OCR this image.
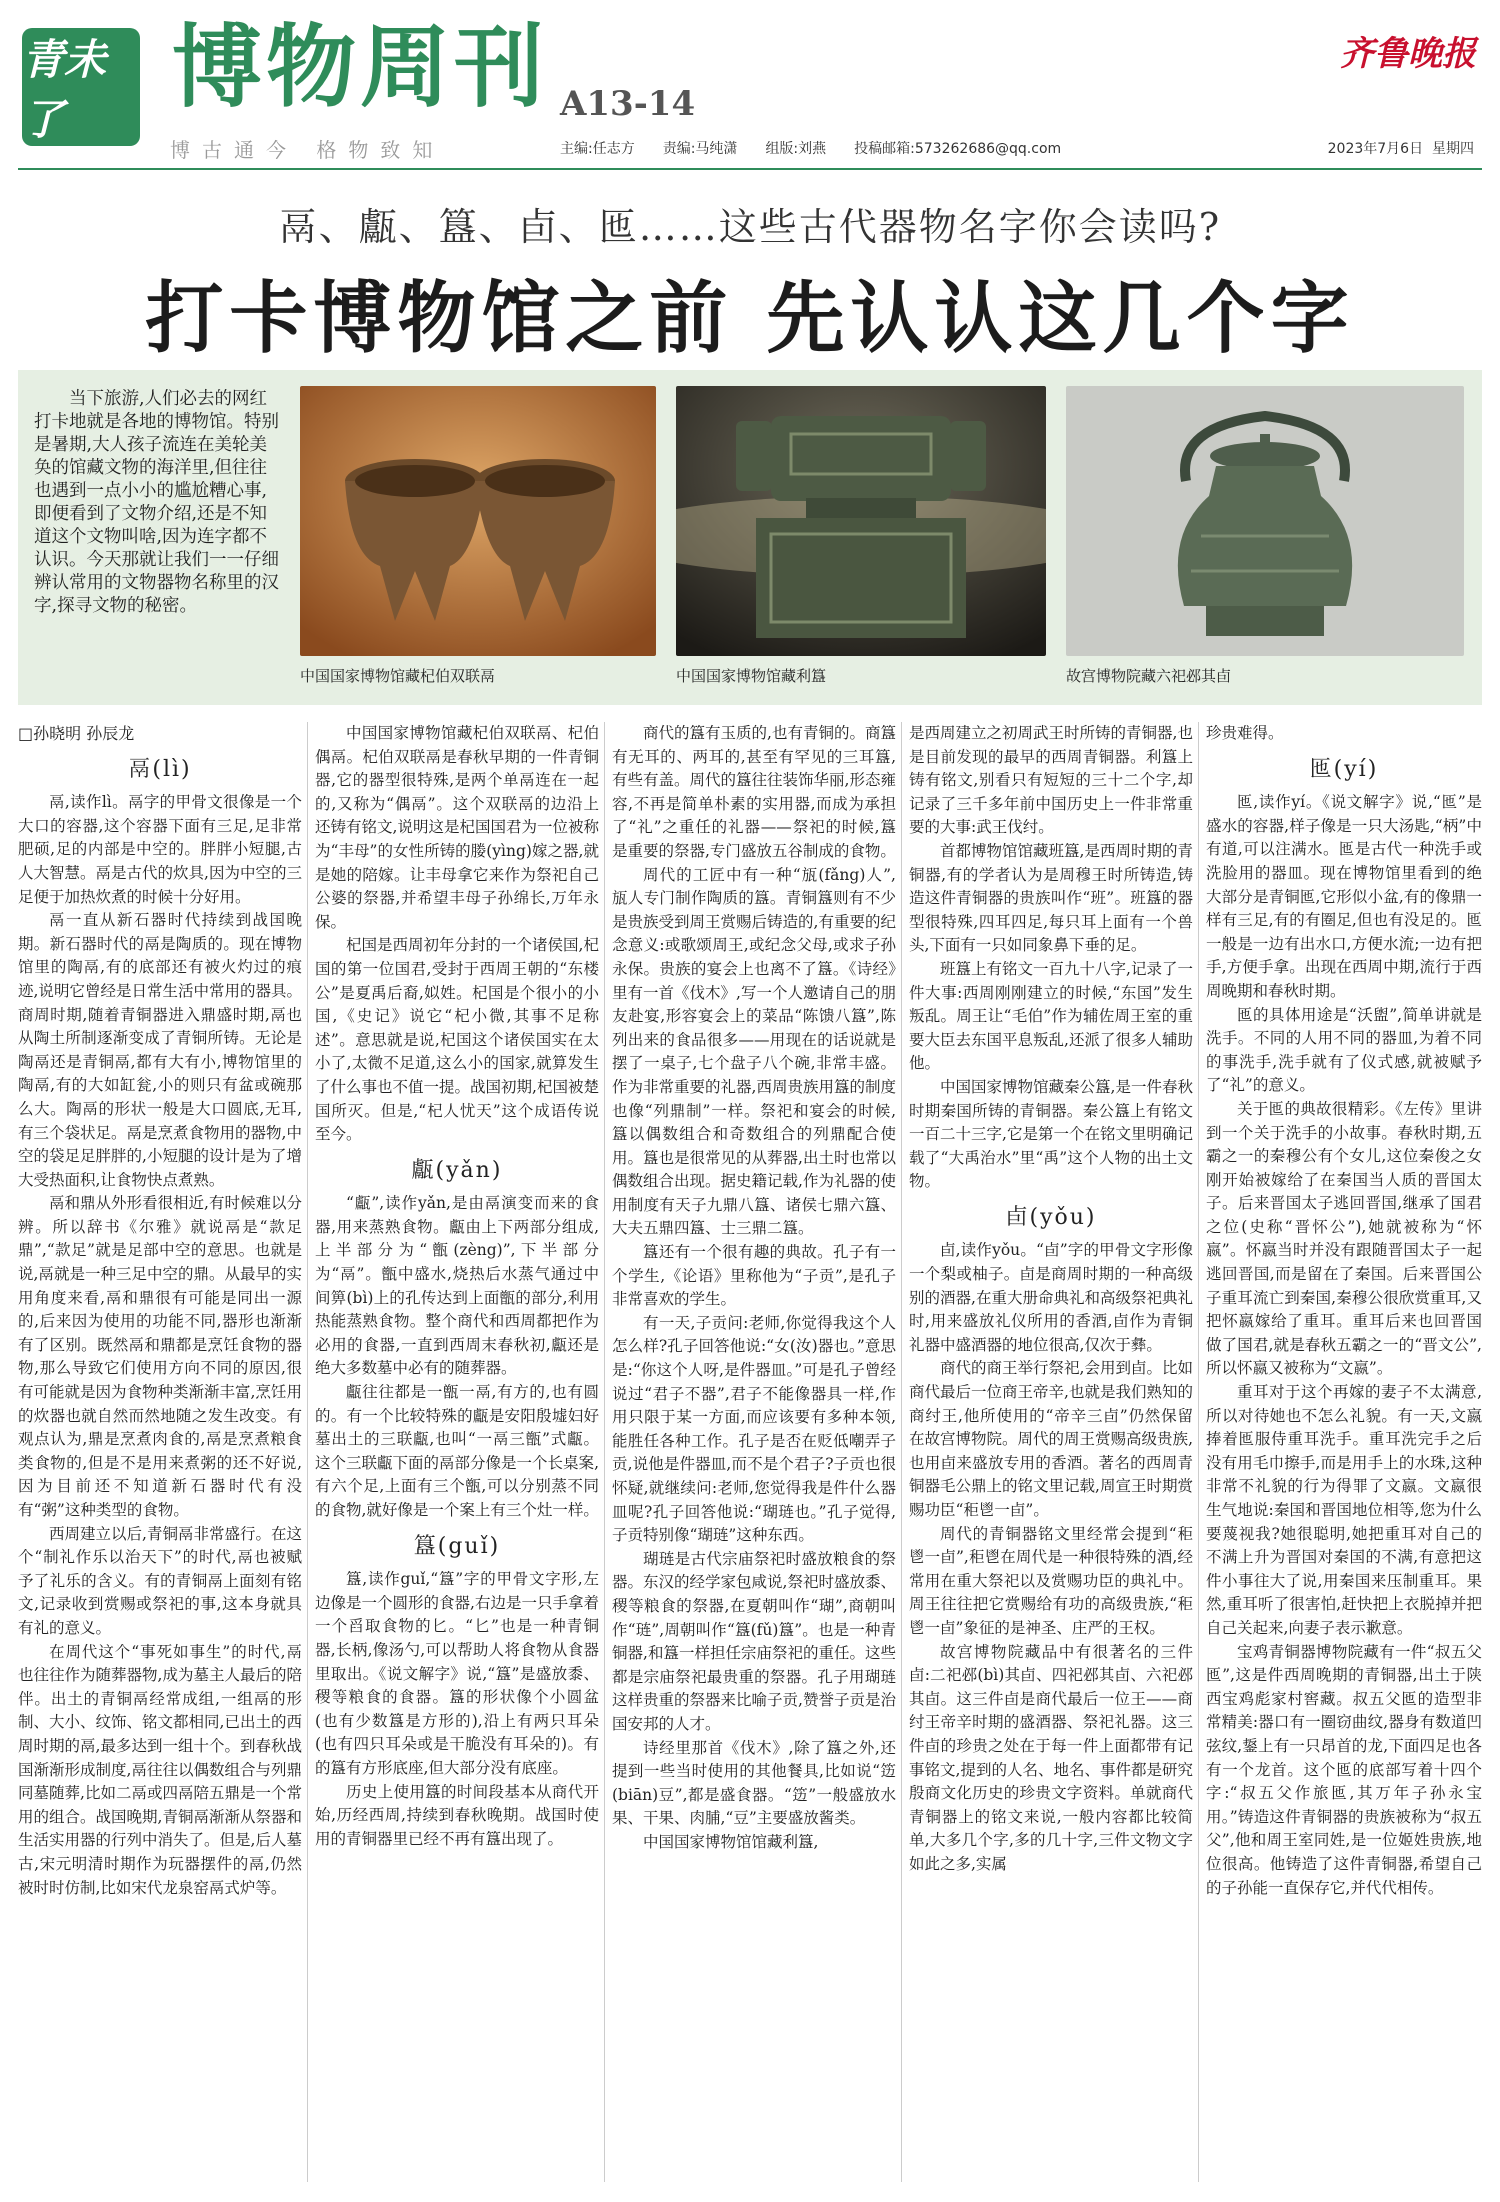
青未了	博物周刊 A13-14
齐鲁晚报
博古通今 格物致知	主编:任志方 责编:马纯潇 组版:刘燕 投稿邮箱:573262686@qq.com	2023年7月6日 星期四
鬲、甗、簋、卣、匜……这些古代器物名字你会读吗?
打卡博物馆之前 先认认这几个字
当下旅游,人们必去的网红打卡地就是各地的博物馆。特别是暑期,大人孩子流连在美轮美奂的馆藏文物的海洋里,但往往也遇到一点小小的尴尬糟心事,即便看到了文物介绍,还是不知道这个文物叫啥,因为连字都不认识。今天那就让我们一一仔细辨认常用的文物器物名称里的汉字,探寻文物的秘密。
中国国家博物馆藏杞伯双联鬲	中国国家博物馆藏利簋	故宫博物院藏六祀邲其卣
□孙晓明 孙辰龙
鬲(lì)

鬲,读作lì。鬲字的甲骨文很像是一个大口的容器,这个容器下面有三足,足非常肥硕,足的内部是中空的。胖胖小短腿,古人大智慧。鬲是古代的炊具,因为中空的三足便于加热炊煮的时候十分好用。

鬲一直从新石器时代持续到战国晚期。新石器时代的鬲是陶质的。现在博物馆里的陶鬲,有的底部还有被火灼过的痕迹,说明它曾经是日常生活中常用的器具。商周时期,随着青铜器进入鼎盛时期,鬲也从陶土所制逐渐变成了青铜所铸。无论是陶鬲还是青铜鬲,都有大有小,博物馆里的陶鬲,有的大如缸瓮,小的则只有盆或碗那么大。陶鬲的形状一般是大口圆底,无耳,有三个袋状足。鬲是烹煮食物用的器物,中空的袋足足胖胖的,小短腿的设计是为了增大受热面积,让食物快点煮熟。

鬲和鼎从外形看很相近,有时候难以分辨。所以辞书《尔雅》就说鬲是“款足鼎”,“款足”就是足部中空的意思。也就是说,鬲就是一种三足中空的鼎。从最早的实用角度来看,鬲和鼎很有可能是同出一源的,后来因为使用的功能不同,器形也渐渐有了区别。既然鬲和鼎都是烹饪食物的器物,那么导致它们使用方向不同的原因,很有可能就是因为食物种类渐渐丰富,烹饪用的炊器也就自然而然地随之发生改变。有观点认为,鼎是烹煮肉食的,鬲是烹煮粮食类食物的,但是不是用来煮粥的还不好说,因为目前还不知道新石器时代有没有“粥”这种类型的食物。

西周建立以后,青铜鬲非常盛行。在这个“制礼作乐以治天下”的时代,鬲也被赋予了礼乐的含义。有的青铜鬲上面刻有铭文,记录收到赏赐或祭祀的事,这本身就具有礼的意义。

在周代这个“事死如事生”的时代,鬲也往往作为随葬器物,成为墓主人最后的陪伴。出土的青铜鬲经常成组,一组鬲的形制、大小、纹饰、铭文都相同,已出土的西周时期的鬲,最多达到一组十个。到春秋战国渐渐形成制度,鬲往往以偶数组合与列鼎同墓随葬,比如二鬲或四鬲陪五鼎是一个常用的组合。战国晚期,青铜鬲渐渐从祭器和生活实用器的行列中消失了。但是,后人墓古,宋元明清时期作为玩器摆件的鬲,仍然被时时仿制,比如宋代龙泉窑鬲式炉等。

中国国家博物馆藏杞伯双联鬲、杞伯偶鬲。杞伯双联鬲是春秋早期的一件青铜器,它的器型很特殊,是两个单鬲连在一起的,又称为“偶鬲”。这个双联鬲的边沿上还铸有铭文,说明这是杞国国君为一位被称为“丰母”的女性所铸的媵(yìng)嫁之器,就是她的陪嫁。让丰母拿它来作为祭祀自己公婆的祭器,并希望丰母子孙绵长,万年永保。

杞国是西周初年分封的一个诸侯国,杞国的第一位国君,受封于西周王朝的“东楼公”是夏禹后裔,姒姓。杞国是个很小的小国,《史记》说它“杞小微,其事不足称述”。意思就是说,杞国这个诸侯国实在太小了,太微不足道,这么小的国家,就算发生了什么事也不值一提。战国初期,杞国被楚国所灭。但是,“杞人忧天”这个成语传说至今。

甗(yǎn)

“甗”,读作yǎn,是由鬲演变而来的食器,用来蒸熟食物。甗由上下两部分组成,上半部分为“甑(zèng)”,下半部分为“鬲”。甑中盛水,烧热后水蒸气通过中间箅(bì)上的孔传达到上面甑的部分,利用热能蒸熟食物。整个商代和西周都把作为必用的食器,一直到西周末春秋初,甗还是绝大多数墓中必有的随葬器。

甗往往都是一甑一鬲,有方的,也有圆的。有一个比较特殊的甗是安阳殷墟妇好墓出土的三联甗,也叫“一鬲三甑”式甗。这个三联甗下面的鬲部分像是一个长桌案,有六个足,上面有三个甑,可以分别蒸不同的食物,就好像是一个案上有三个灶一样。

簋(guǐ)

簋,读作guǐ,“簋”字的甲骨文字形,左边像是一个圆形的食器,右边是一只手拿着一个舀取食物的匕。“匕”也是一种青铜器,长柄,像汤勺,可以帮助人将食物从食器里取出。《说文解字》说,“簋”是盛放黍、稷等粮食的食器。簋的形状像个小圆盆(也有少数簋是方形的),沿上有两只耳朵(也有四只耳朵或是干脆没有耳朵的)。有的簋有方形底座,但大部分没有底座。

历史上使用簋的时间段基本从商代开始,历经西周,持续到春秋晚期。战国时使用的青铜器里已经不再有簋出现了。

商代的簋有玉质的,也有青铜的。商簋有无耳的、两耳的,甚至有罕见的三耳簋,有些有盖。周代的簋往往装饰华丽,形态雍容,不再是简单朴素的实用器,而成为承担了“礼”之重任的礼器——祭祀的时候,簋是重要的祭器,专门盛放五谷制成的食物。

周代的工匠中有一种“瓬(fǎng)人”,瓬人专门制作陶质的簋。青铜簋则有不少是贵族受到周王赏赐后铸造的,有重要的纪念意义:或歌颂周王,或纪念父母,或求子孙永保。贵族的宴会上也离不了簋。《诗经》里有一首《伐木》,写一个人邀请自己的朋友赴宴,形容宴会上的菜品“陈馈八簋”,陈列出来的食品很多——用现在的话说就是摆了一桌子,七个盘子八个碗,非常丰盛。作为非常重要的礼器,西周贵族用簋的制度也像“列鼎制”一样。祭祀和宴会的时候,簋以偶数组合和奇数组合的列鼎配合使用。簋也是很常见的从葬器,出土时也常以偶数组合出现。据史籍记载,作为礼器的使用制度有天子九鼎八簋、诸侯七鼎六簋、大夫五鼎四簋、士三鼎二簋。

簋还有一个很有趣的典故。孔子有一个学生,《论语》里称他为“子贡”,是孔子非常喜欢的学生。

有一天,子贡问:老师,你觉得我这个人怎么样?孔子回答他说:“女(汝)器也。”意思是:“你这个人呀,是件器皿。”可是孔子曾经说过“君子不器”,君子不能像器具一样,作用只限于某一方面,而应该要有多种本领,能胜任各种工作。孔子是否在贬低嘲弄子贡,说他是件器皿,而不是个君子?子贡也很怀疑,就继续问:老师,您觉得我是件什么器皿呢?孔子回答他说:“瑚琏也。”孔子觉得,子贡特别像“瑚琏”这种东西。

瑚琏是古代宗庙祭祀时盛放粮食的祭器。东汉的经学家包咸说,祭祀时盛放黍、稷等粮食的祭器,在夏朝叫作“瑚”,商朝叫作“琏”,周朝叫作“簋(fǔ)簋”。也是一种青铜器,和簋一样担任宗庙祭祀的重任。这些都是宗庙祭祀最贵重的祭器。孔子用瑚琏这样贵重的祭器来比喻子贡,赞誉子贡是治国安邦的人才。

诗经里那首《伐木》,除了簋之外,还提到一些当时使用的其他餐具,比如说“笾(biān)豆”,都是盛食器。“笾”一般盛放水果、干果、肉脯,“豆”主要盛放酱类。

中国国家博物馆馆藏利簋,

是西周建立之初周武王时所铸的青铜器,也是目前发现的最早的西周青铜器。利簋上铸有铭文,别看只有短短的三十二个字,却记录了三千多年前中国历史上一件非常重要的大事:武王伐纣。

首都博物馆馆藏班簋,是西周时期的青铜器,有的学者认为是周穆王时所铸造,铸造这件青铜器的贵族叫作“班”。班簋的器型很特殊,四耳四足,每只耳上面有一个兽头,下面有一只如同象鼻下垂的足。

班簋上有铭文一百九十八字,记录了一件大事:西周刚刚建立的时候,“东国”发生叛乱。周王让“毛伯”作为辅佐周王室的重要大臣去东国平息叛乱,还派了很多人辅助他。

中国国家博物馆藏秦公簋,是一件春秋时期秦国所铸的青铜器。秦公簋上有铭文一百二十三字,它是第一个在铭文里明确记载了“大禹治水”里“禹”这个人物的出土文物。

卣(yǒu)

卣,读作yǒu。“卣”字的甲骨文字形像一个梨或柚子。卣是商周时期的一种高级别的酒器,在重大册命典礼和高级祭祀典礼时,用来盛放礼仪所用的香酒,卣作为青铜礼器中盛酒器的地位很高,仅次于彝。

商代的商王举行祭祀,会用到卣。比如商代最后一位商王帝辛,也就是我们熟知的商纣王,他所使用的“帝辛三卣”仍然保留在故宫博物院。周代的周王赏赐高级贵族,也用卣来盛放专用的香酒。著名的西周青铜器毛公鼎上的铭文里记载,周宣王时期赏赐功臣“秬鬯一卣”。

周代的青铜器铭文里经常会提到“秬鬯一卣”,秬鬯在周代是一种很特殊的酒,经常用在重大祭祀以及赏赐功臣的典礼中。周王往往把它赏赐给有功的高级贵族,“秬鬯一卣”象征的是神圣、庄严的王权。

故宫博物院藏品中有很著名的三件卣:二祀邲(bì)其卣、四祀邲其卣、六祀邲其卣。这三件卣是商代最后一位王——商纣王帝辛时期的盛酒器、祭祀礼器。这三件卣的珍贵之处在于每一件上面都带有记事铭文,提到的人名、地名、事件都是研究殷商文化历史的珍贵文字资料。单就商代青铜器上的铭文来说,一般内容都比较简单,大多几个字,多的几十字,三件文物文字如此之多,实属

珍贵难得。

匜(yí)

匜,读作yí。《说文解字》说,“匜”是盛水的容器,样子像是一只大汤匙,“柄”中有道,可以注满水。匜是古代一种洗手或洗脸用的器皿。现在博物馆里看到的绝大部分是青铜匜,它形似小盆,有的像鼎一样有三足,有的有圈足,但也有没足的。匜一般是一边有出水口,方便水流;一边有把手,方便手拿。出现在西周中期,流行于西周晚期和春秋时期。

匜的具体用途是“沃盥”,简单讲就是洗手。不同的人用不同的器皿,为着不同的事洗手,洗手就有了仪式感,就被赋予了“礼”的意义。

关于匜的典故很精彩。《左传》里讲到一个关于洗手的小故事。春秋时期,五霸之一的秦穆公有个女儿,这位秦俊之女刚开始被嫁给了在秦国当人质的晋国太子。后来晋国太子逃回晋国,继承了国君之位(史称“晋怀公”),她就被称为“怀嬴”。怀嬴当时并没有跟随晋国太子一起逃回晋国,而是留在了秦国。后来晋国公子重耳流亡到秦国,秦穆公很欣赏重耳,又把怀嬴嫁给了重耳。重耳后来也回晋国做了国君,就是春秋五霸之一的“晋文公”,所以怀嬴又被称为“文嬴”。

重耳对于这个再嫁的妻子不太满意,所以对待她也不怎么礼貌。有一天,文嬴捧着匜服侍重耳洗手。重耳洗完手之后没有用毛巾擦手,而是用手上的水珠,这种非常不礼貌的行为得罪了文嬴。文嬴很生气地说:秦国和晋国地位相等,您为什么要蔑视我?她很聪明,她把重耳对自己的不满上升为晋国对秦国的不满,有意把这件小事往大了说,用秦国来压制重耳。果然,重耳听了很害怕,赶快把上衣脱掉并把自己关起来,向妻子表示歉意。

宝鸡青铜器博物院藏有一件“叔五父匜”,这是件西周晚期的青铜器,出土于陕西宝鸡彪家村窖藏。叔五父匜的造型非常精美:器口有一圈窃曲纹,器身有数道凹弦纹,鋬上有一只昂首的龙,下面四足也各有一个龙首。这个匜的底部写着十四个字:“叔五父作旅匜,其万年子孙永宝用。”铸造这件青铜器的贵族被称为“叔五父”,他和周王室同姓,是一位姬姓贵族,地位很高。他铸造了这件青铜器,希望自己的子孙能一直保存它,并代代相传。
